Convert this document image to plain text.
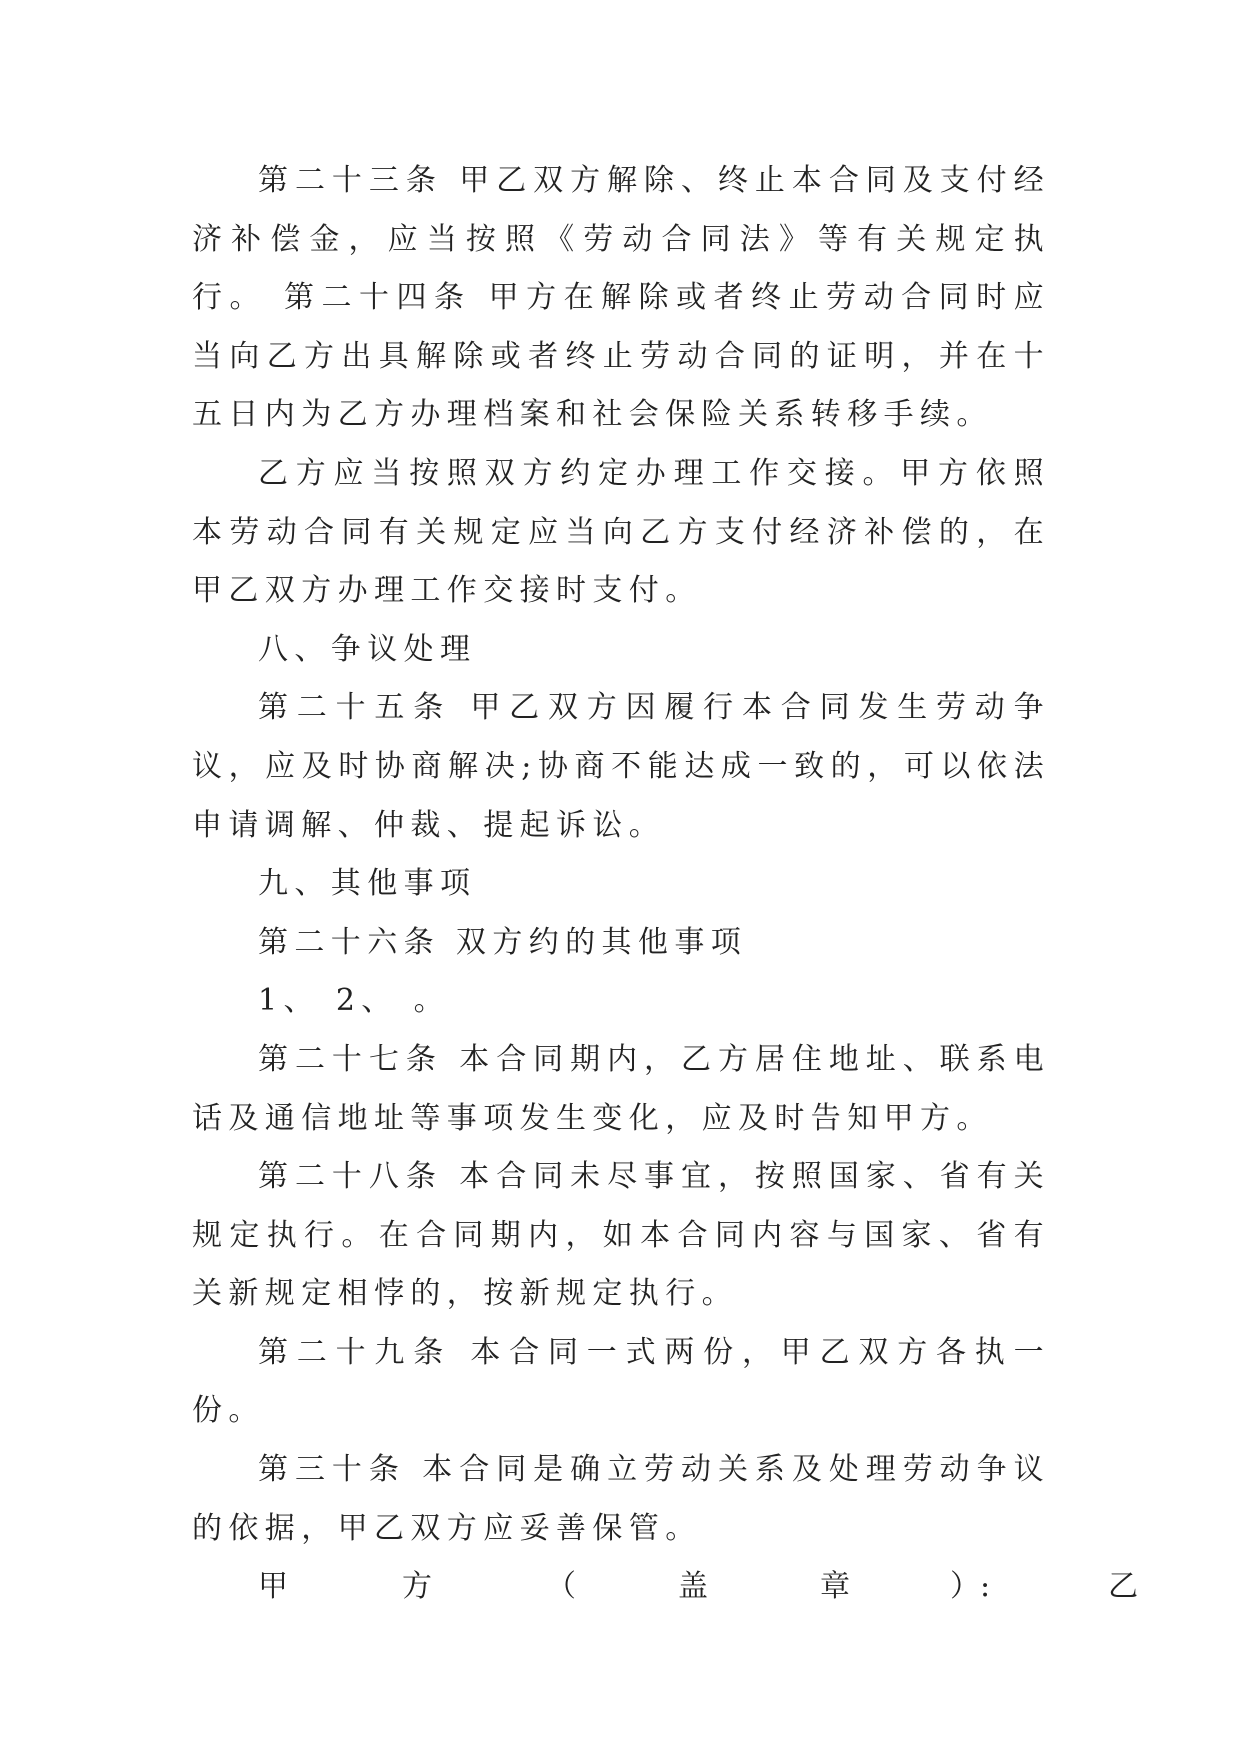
第二十三条 甲乙双方解除、终止本合同及支付经济补偿金，应当按照《劳动合同法》等有关规定执行。 第二十四条 甲方在解除或者终止劳动合同时应当向乙方出具解除或者终止劳动合同的证明，并在十五日内为乙方办理档案和社会保险关系转移手续。

乙方应当按照双方约定办理工作交接。甲方依照本劳动合同有关规定应当向乙方支付经济补偿的，在甲乙双方办理工作交接时支付。

八、争议处理

第二十五条 甲乙双方因履行本合同发生劳动争议，应及时协商解决;协商不能达成一致的，可以依法申请调解、仲裁、提起诉讼。

九、其他事项

第二十六条 双方约的其他事项

1、 2、 。

第二十七条 本合同期内，乙方居住地址、联系电话及通信地址等事项发生变化，应及时告知甲方。

第二十八条 本合同未尽事宜，按照国家、省有关规定执行。在合同期内，如本合同内容与国家、省有关新规定相悖的，按新规定执行。

第二十九条 本合同一式两份，甲乙双方各执一份。

第三十条 本合同是确立劳动关系及处理劳动争议的依据，甲乙双方应妥善保管。

甲	方	（	盖	章	）:	乙
